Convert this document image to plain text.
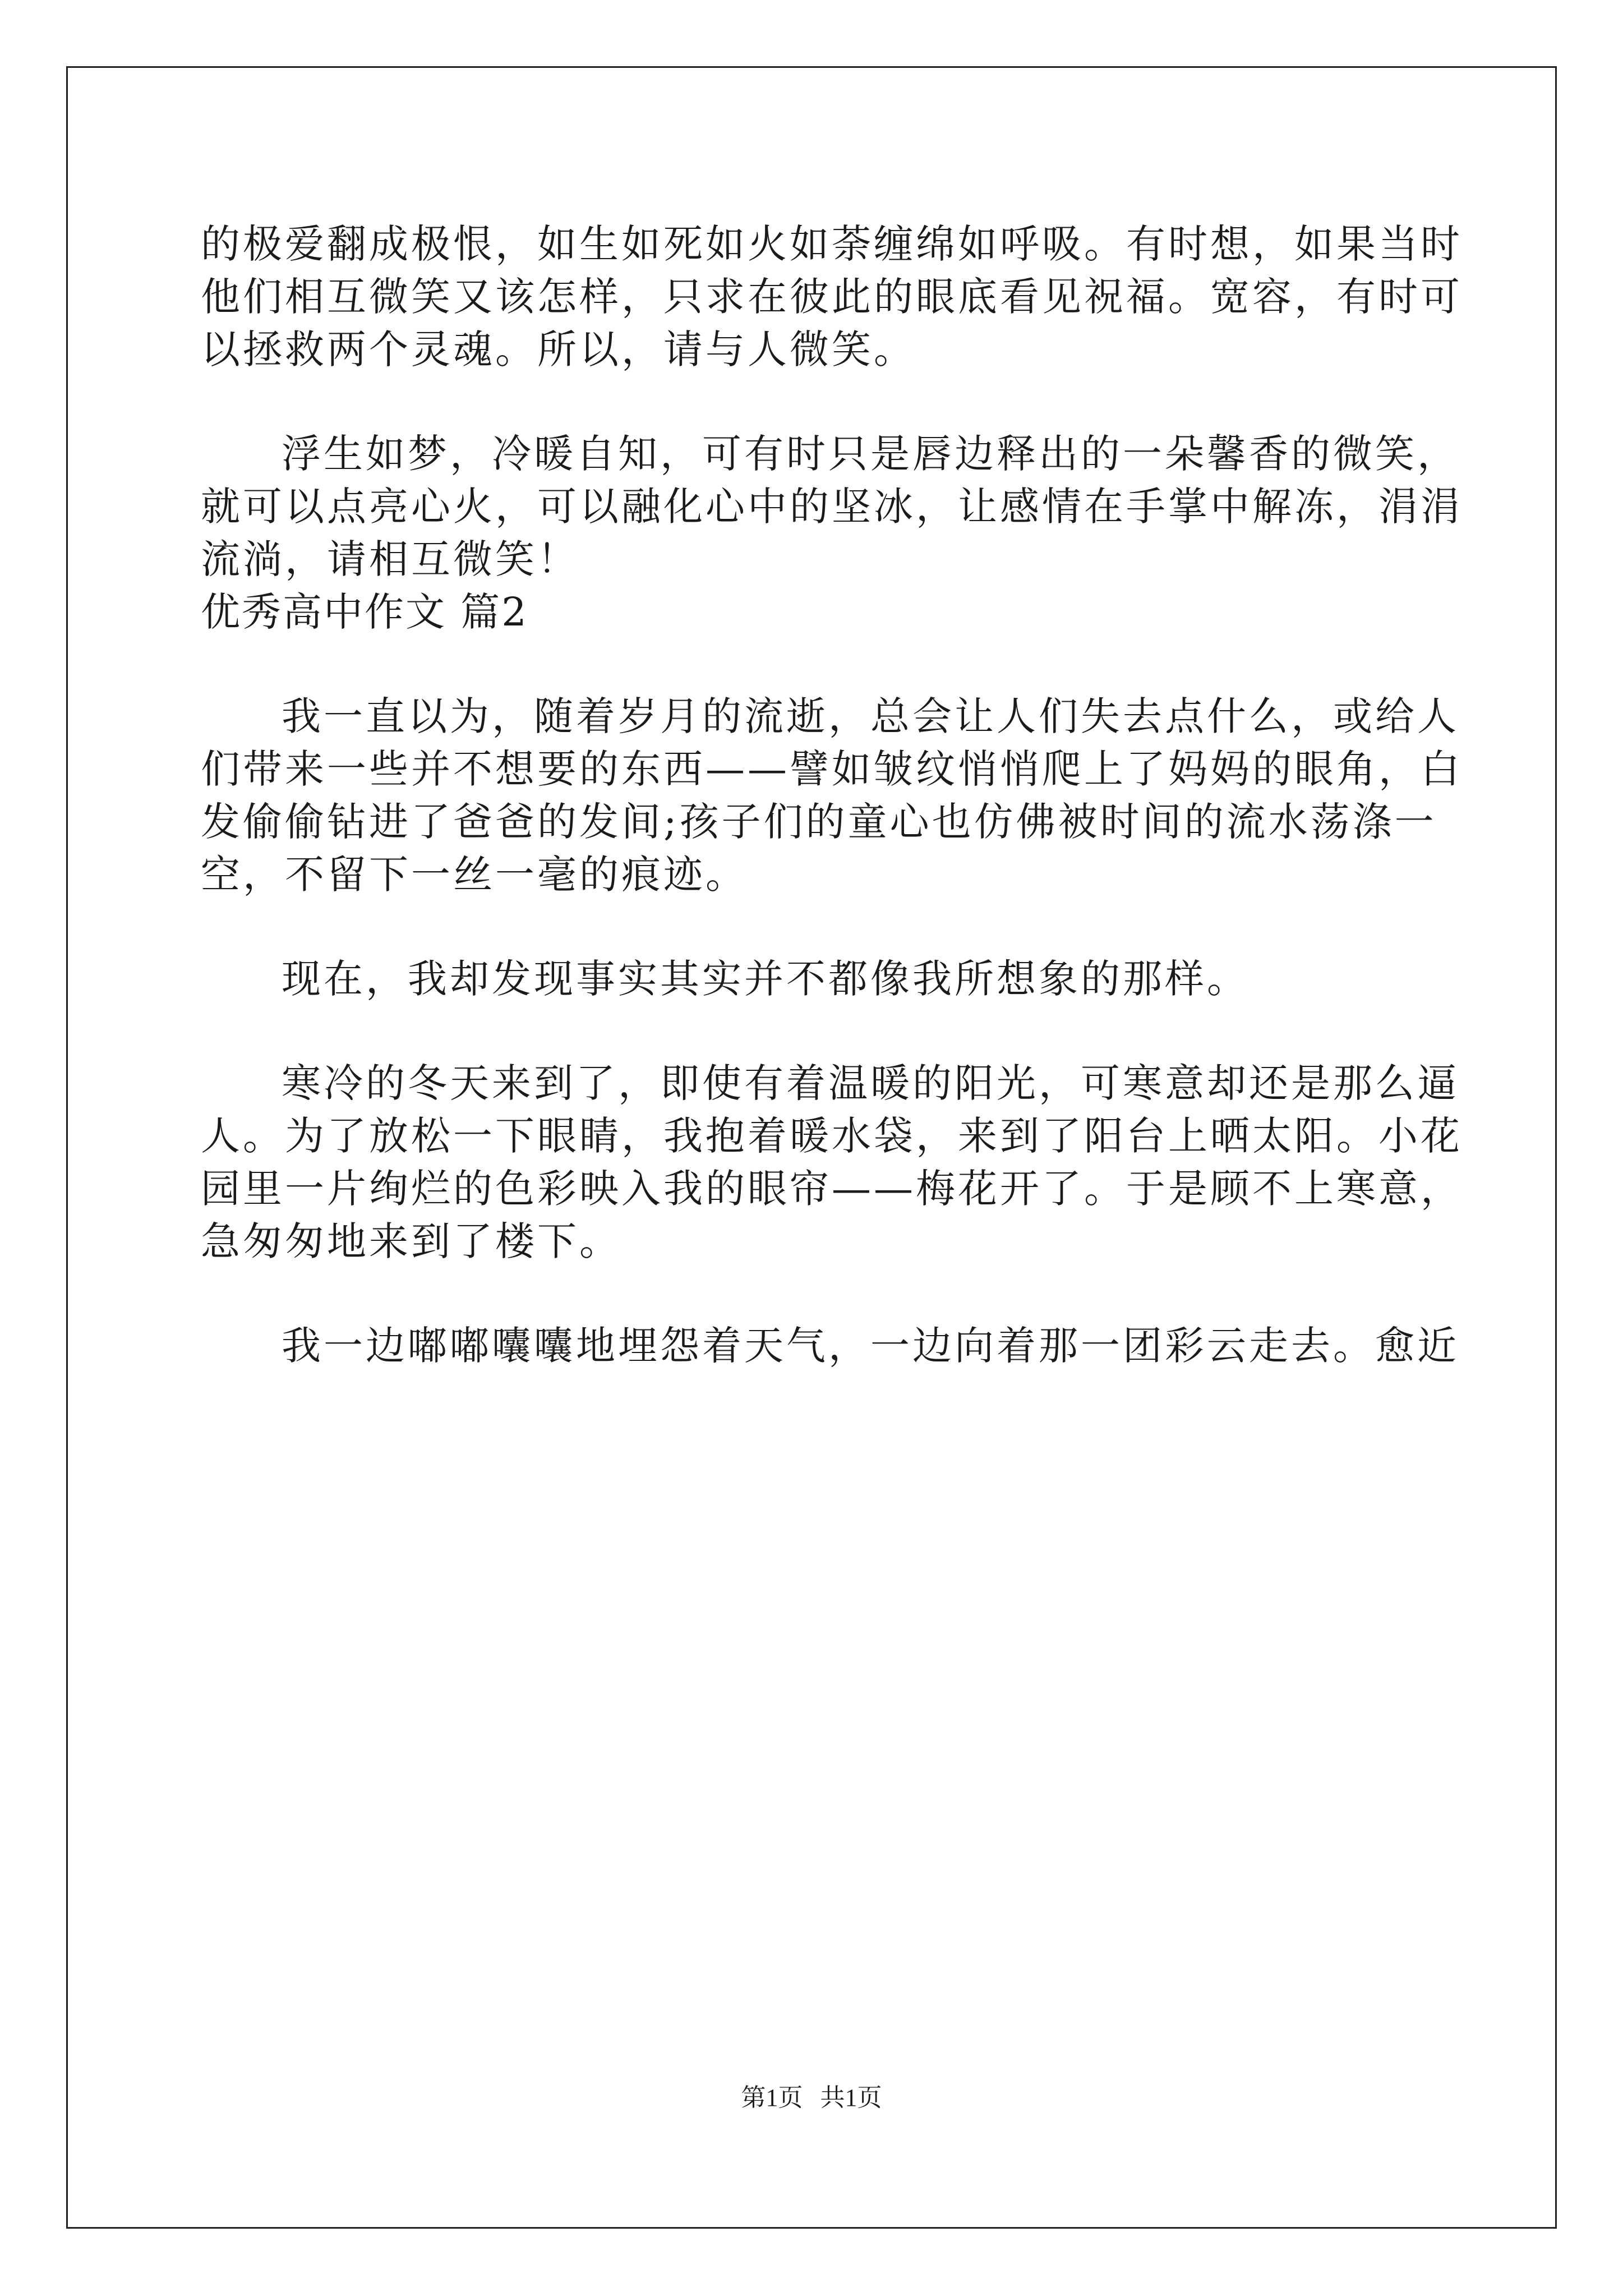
的极爱翻成极恨，如生如死如火如荼缠绵如呼吸。有时想，如果当时
他们相互微笑又该怎样，只求在彼此的眼底看见祝福。宽容，有时可
以拯救两个灵魂。所以，请与人微笑。
浮生如梦，冷暖自知，可有时只是唇边释出的一朵馨香的微笑，
就可以点亮心火，可以融化心中的坚冰，让感情在手掌中解冻，涓涓
流淌，请相互微笑！
优秀高中作文 篇2
我一直以为，随着岁月的流逝，总会让人们失去点什么，或给人
们带来一些并不想要的东西——譬如皱纹悄悄爬上了妈妈的眼角，白
发偷偷钻进了爸爸的发间;孩子们的童心也仿佛被时间的流水荡涤一
空，不留下一丝一毫的痕迹。
现在，我却发现事实其实并不都像我所想象的那样。
寒冷的冬天来到了，即使有着温暖的阳光，可寒意却还是那么逼
人。为了放松一下眼睛，我抱着暖水袋，来到了阳台上晒太阳。小花
园里一片绚烂的色彩映入我的眼帘——梅花开了。于是顾不上寒意，
急匆匆地来到了楼下。
我一边嘟嘟囔囔地埋怨着天气，一边向着那一团彩云走去。愈近
第1页 共1页
